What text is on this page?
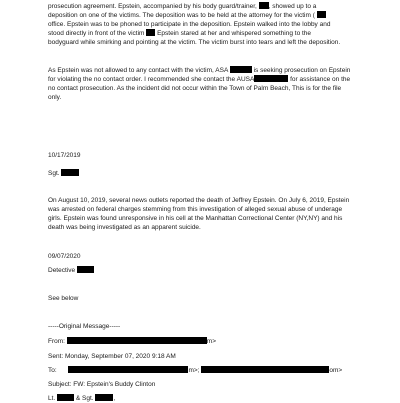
prosecution agreement. Epstein, accompanied by his body guard/trainer, , showed up to a
deposition on one of the victims. The deposition was to be held at the attorney for the victim (
office. Epstein was to be phoned to participate in the deposition. Epstein walked into the lobby and
stood directly in front of the victim Epstein stared at her and whispered something to the
bodyguard while smirking and pointing at the victim. The victim burst into tears and left the deposition.
As Epstein was not allowed to any contact with the victim, ASA	is seeking prosecution on Epstein
for violating the no contact order. I recommended she contact the AUSA	for assistance on the
no contact prosecution. As the incident did not occur within the Town of Palm Beach, This is for the file
only.
10/17/2019
Sgt.
On August 10, 2019, several news outlets reported the death of Jeffrey Epstein. On July 6, 2019, Epstein
was arrested on federal charges stemming from this investigation of alleged sexual abuse of underage
girls. Epstein was found unresponsive in his cell at the Manhattan Correctional Center (NY,NY) and his
death was being investigated as an apparent suicide.
09/07/2020
Detective
See below
-----Original Message-----
From:	m>
Sent: Monday, September 07, 2020 9:18 AM
To:	m>;	om>
Subject: FW: Epstein's Buddy Clinton
Lt.	& Sgt.	,
